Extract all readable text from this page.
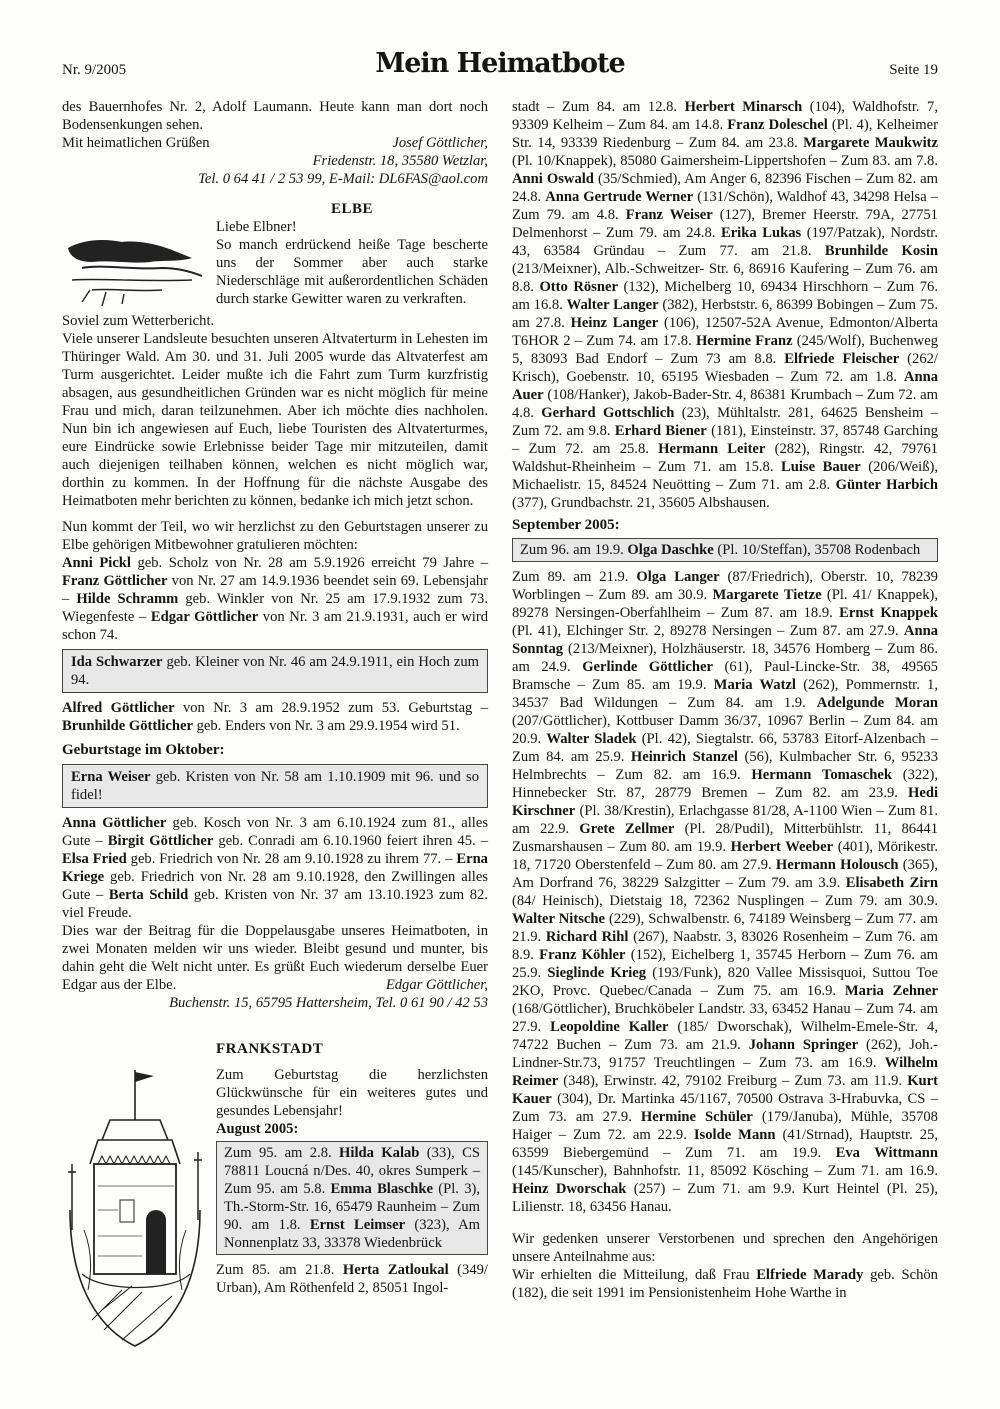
Nr. 9/2005	Mein Heimatbote	Seite 19

des Bauernhofes Nr. 2, Adolf Laumann. Heute kann man dort noch Bodensenkungen sehen.

Mit heimatlichen Grüßen	Josef Göttlicher,

Friedenstr. 18, 35580 Wetzlar,

Tel. 0 64 41 / 2 53 99, E-Mail: DL6FAS@aol.com

ELBE

Liebe Elbner!

So manch erdrückend heiße Tage bescherte uns der Sommer aber auch starke Niederschläge mit außerordentlichen Schäden durch starke Gewitter waren zu verkraften.

Soviel zum Wetterbericht.

Viele unserer Landsleute besuchten unseren Altvaterturm in Lehesten im Thüringer Wald. Am 30. und 31. Juli 2005 wurde das Altvaterfest am Turm ausgerichtet. Leider mußte ich die Fahrt zum Turm kurzfristig absagen, aus gesundheitlichen Gründen war es nicht möglich für meine Frau und mich, daran teilzunehmen. Aber ich möchte dies nachholen. Nun bin ich angewiesen auf Euch, liebe Touristen des Altvaterturmes, eure Eindrücke sowie Erlebnisse beider Tage mir mitzuteilen, damit auch diejenigen teilhaben können, welchen es nicht möglich war, dorthin zu kommen. In der Hoffnung für die nächste Ausgabe des Heimatboten mehr berichten zu können, bedanke ich mich jetzt schon.

Nun kommt der Teil, wo wir herzlichst zu den Geburtstagen unserer zu Elbe gehörigen Mitbewohner gratulieren möchten:

Anni Pickl geb. Scholz von Nr. 28 am 5.9.1926 erreicht 79 Jahre – Franz Göttlicher von Nr. 27 am 14.9.1936 beendet sein 69. Lebensjahr – Hilde Schramm geb. Winkler von Nr. 25 am 17.9.1932 zum 73. Wiegenfeste – Edgar Göttlicher von Nr. 3 am 21.9.1931, auch er wird schon 74.

Ida Schwarzer geb. Kleiner von Nr. 46 am 24.9.1911, ein Hoch zum 94.

Alfred Göttlicher von Nr. 3 am 28.9.1952 zum 53. Geburtstag – Brunhilde Göttlicher geb. Enders von Nr. 3 am 29.9.1954 wird 51.

Geburtstage im Oktober:

Erna Weiser geb. Kristen von Nr. 58 am 1.10.1909 mit 96. und so fidel!

Anna Göttlicher geb. Kosch von Nr. 3 am 6.10.1924 zum 81., alles Gute – Birgit Göttlicher geb. Conradi am 6.10.1960 feiert ihren 45. – Elsa Fried geb. Friedrich von Nr. 28 am 9.10.1928 zu ihrem 77. – Erna Kriege geb. Friedrich von Nr. 28 am 9.10.1928, den Zwillingen alles Gute – Berta Schild geb. Kristen von Nr. 37 am 13.10.1923 zum 82. viel Freude.

Dies war der Beitrag für die Doppelausgabe unseres Heimatboten, in zwei Monaten melden wir uns wieder. Bleibt gesund und munter, bis dahin geht die Welt nicht unter. Es grüßt Euch wiederum derselbe Euer Edgar aus der Elbe.	Edgar Göttlicher,

Buchenstr. 15, 65795 Hattersheim, Tel. 0 61 90 / 42 53

FRANKSTADT

Zum Geburtstag die herzlichsten Glückwünsche für ein weiteres gutes und gesundes Lebensjahr!

August 2005:

Zum 95. am 2.8. Hilda Kalab (33), CS 78811 Loucná n/Des. 40, okres Sumperk – Zum 95. am 5.8. Emma Blaschke (Pl. 3), Th.-Storm-Str. 16, 65479 Raunheim – Zum 90. am 1.8. Ernst Leimser (323), Am Nonnenplatz 33, 33378 Wiedenbrück

Zum 85. am 21.8. Herta Zatloukal (349/ Urban), Am Röthenfeld 2, 85051 Ingol-

stadt – Zum 84. am 12.8. Herbert Minarsch (104), Waldhofstr. 7, 93309 Kelheim – Zum 84. am 14.8. Franz Doleschel (Pl. 4), Kelheimer Str. 14, 93339 Riedenburg – Zum 84. am 23.8. Margarete Maukwitz (Pl. 10/Knappek), 85080 Gaimersheim-Lippertshofen – Zum 83. am 7.8. Anni Oswald (35/Schmied), Am Anger 6, 82396 Fischen – Zum 82. am 24.8. Anna Gertrude Werner (131/Schön), Waldhof 43, 34298 Helsa – Zum 79. am 4.8. Franz Weiser (127), Bremer Heerstr. 79A, 27751 Delmenhorst – Zum 79. am 24.8. Erika Lukas (197/Patzak), Nordstr. 43, 63584 Gründau – Zum 77. am 21.8. Brunhilde Kosin (213/Meixner), Alb.-Schweitzer- Str. 6, 86916 Kaufering – Zum 76. am 8.8. Otto Rösner (132), Michelberg 10, 69434 Hirschhorn – Zum 76. am 16.8. Walter Langer (382), Herbststr. 6, 86399 Bobingen – Zum 75. am 27.8. Heinz Langer (106), 12507-52A Avenue, Edmonton/Alberta T6HOR 2 – Zum 74. am 17.8. Hermine Franz (245/Wolf), Buchenweg 5, 83093 Bad Endorf – Zum 73 am 8.8. Elfriede Fleischer (262/ Krisch), Goebenstr. 10, 65195 Wiesbaden – Zum 72. am 1.8. Anna Auer (108/Hanker), Jakob-Bader-Str. 4, 86381 Krumbach – Zum 72. am 4.8. Gerhard Gottschlich (23), Mühltalstr. 281, 64625 Bensheim – Zum 72. am 9.8. Erhard Biener (181), Einsteinstr. 37, 85748 Garching – Zum 72. am 25.8. Hermann Leiter (282), Ringstr. 42, 79761 Waldshut-Rheinheim – Zum 71. am 15.8. Luise Bauer (206/Weiß), Michaelistr. 15, 84524 Neuötting – Zum 71. am 2.8. Günter Harbich (377), Grundbachstr. 21, 35605 Albshausen.

September 2005:

Zum 96. am 19.9. Olga Daschke (Pl. 10/Steffan), 35708 Rodenbach

Zum 89. am 21.9. Olga Langer (87/Friedrich), Oberstr. 10, 78239 Worblingen – Zum 89. am 30.9. Margarete Tietze (Pl. 41/ Knappek), 89278 Nersingen-Oberfahlheim – Zum 87. am 18.9. Ernst Knappek (Pl. 41), Elchinger Str. 2, 89278 Nersingen – Zum 87. am 27.9. Anna Sonntag (213/Meixner), Holzhäuserstr. 18, 34576 Homberg – Zum 86. am 24.9. Gerlinde Göttlicher (61), Paul-Lincke-Str. 38, 49565 Bramsche – Zum 85. am 19.9. Maria Watzl (262), Pommernstr. 1, 34537 Bad Wildungen – Zum 84. am 1.9. Adelgunde Moran (207/Göttlicher), Kottbuser Damm 36/37, 10967 Berlin – Zum 84. am 20.9. Walter Sladek (Pl. 42), Siegtalstr. 66, 53783 Eitorf-Alzenbach – Zum 84. am 25.9. Heinrich Stanzel (56), Kulmbacher Str. 6, 95233 Helmbrechts – Zum 82. am 16.9. Hermann Tomaschek (322), Hinnebecker Str. 87, 28779 Bremen – Zum 82. am 23.9. Hedi Kirschner (Pl. 38/Krestin), Erlachgasse 81/28, A-1100 Wien – Zum 81. am 22.9. Grete Zellmer (Pl. 28/Pudil), Mitterbühlstr. 11, 86441 Zusmarshausen – Zum 80. am 19.9. Herbert Weeber (401), Mörikestr. 18, 71720 Oberstenfeld – Zum 80. am 27.9. Hermann Holousch (365), Am Dorfrand 76, 38229 Salzgitter – Zum 79. am 3.9. Elisabeth Zirn (84/ Heinisch), Dietstaig 18, 72362 Nusplingen – Zum 79. am 30.9. Walter Nitsche (229), Schwalbenstr. 6, 74189 Weinsberg – Zum 77. am 21.9. Richard Rihl (267), Naabstr. 3, 83026 Rosenheim – Zum 76. am 8.9. Franz Köhler (152), Eichelberg 1, 35745 Herborn – Zum 76. am 25.9. Sieglinde Krieg (193/Funk), 820 Vallee Missisquoi, Suttou Toe 2KO, Provc. Quebec/Canada – Zum 75. am 16.9. Maria Zehner (168/Göttlicher), Bruchköbeler Landstr. 33, 63452 Hanau – Zum 74. am 27.9. Leopoldine Kaller (185/ Dworschak), Wilhelm-Emele-Str. 4, 74722 Buchen – Zum 73. am 21.9. Johann Springer (262), Joh.-Lindner-Str.73, 91757 Treuchtlingen – Zum 73. am 16.9. Wilhelm Reimer (348), Erwinstr. 42, 79102 Freiburg – Zum 73. am 11.9. Kurt Kauer (304), Dr. Martinka 45/1167, 70500 Ostrava 3-Hrabuvka, CS – Zum 73. am 27.9. Hermine Schüler (179/Januba), Mühle, 35708 Haiger – Zum 72. am 22.9. Isolde Mann (41/Strnad), Hauptstr. 25, 63599 Biebergemünd – Zum 71. am 19.9. Eva Wittmann (145/Kunscher), Bahnhofstr. 11, 85092 Kösching – Zum 71. am 16.9. Heinz Dworschak (257) – Zum 71. am 9.9. Kurt Heintel (Pl. 25), Lilienstr. 18, 63456 Hanau.

Wir gedenken unserer Verstorbenen und sprechen den Angehörigen unsere Anteilnahme aus:

Wir erhielten die Mitteilung, daß Frau Elfriede Marady geb. Schön (182), die seit 1991 im Pensionistenheim Hohe Warthe in
